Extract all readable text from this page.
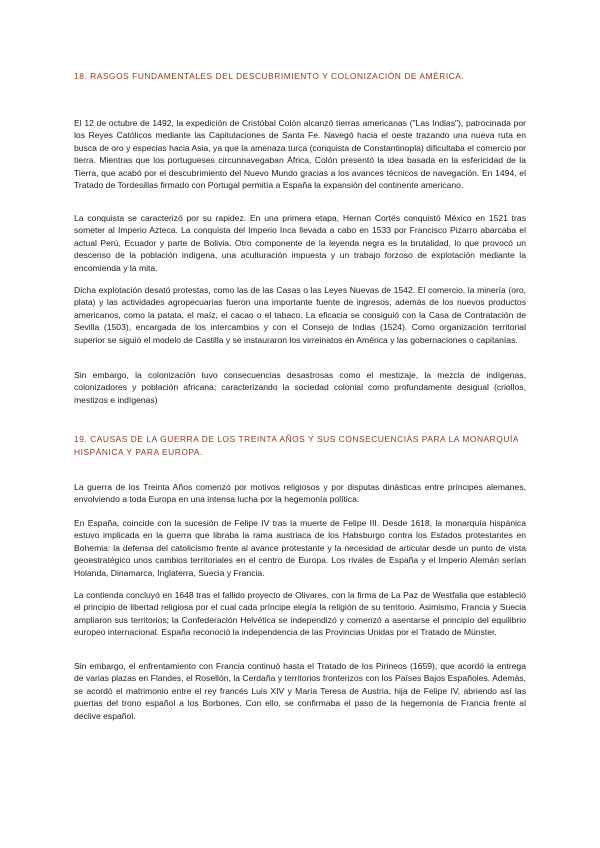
18. RASGOS FUNDAMENTALES DEL DESCUBRIMIENTO Y COLONIZACIÓN DE AMÉRICA.

El 12 de octubre de 1492, la expedición de Cristóbal Colón alcanzó tierras americanas ("Las Indias"), patrocinada por los Reyes Católicos mediante las Capitulaciones de Santa Fe. Navegó hacia el oeste trazando una nueva ruta en busca de oro y especias hacia Asia, ya que la amenaza turca (conquista de Constantinopla) dificultaba el comercio por tierra. Mientras que los portugueses circunnavegaban África, Colón presentó la idea basada en la esfericidad de la Tierra, que acabó por el descubrimiento del Nuevo Mundo gracias a los avances técnicos de navegación. En 1494, el Tratado de Tordesillas firmado con Portugal permitía a España la expansión del continente americano.

La conquista se caracterizó por su rapidez. En una primera etapa, Hernan Cortés conquistó México en 1521 tras someter al Imperio Azteca. La conquista del Imperio Inca llevada a cabo en 1533 por Francisco Pizarro abarcaba el actual Perú, Ecuador y parte de Bolivia. Otro componente de la leyenda negra es la brutalidad, lo que provocó un descenso de la población indígena, una aculturación impuesta y un trabajo forzoso de explotación mediante la encomienda y la mita.

Dicha explotación desató protestas, como las de las Casas o las Leyes Nuevas de 1542. El comercio, la minería (oro, plata) y las actividades agropecuarias fueron una importante fuente de ingresos, además de los nuevos productos americanos, como la patata, el maíz, el cacao o el tabaco. La eficacia se consiguió con la Casa de Contratación de Sevilla (1503), encargada de los intercambios y con el Consejo de Indias (1524). Como organización territorial superior se siguió el modelo de Castilla y se instauraron los virreinatos en América y las gobernaciones o capitanías.

Sin embargo, la colonización tuvo consecuencias desastrosas como el mestizaje, la mezcla de indígenas, colonizadores y población africana; caracterizando la sociedad colonial como profundamente desigual (criollos, mestizos e indígenas)

19. CAUSAS DE LA GUERRA DE LOS TREINTA AÑOS Y SUS CONSECUENCIAS PARA LA MONARQUÍA HISPÁNICA Y PARA EUROPA.

La guerra de los Treinta Años comenzó por motivos religiosos y por disputas dinásticas entre príncipes alemanes, envolviendo a toda Europa en una intensa lucha por la hegemonía política.

En España, coincide con la sucesión de Felipe IV tras la muerte de Felipe III. Desde 1618, la monarquía hispánica estuvo implicada en la guerra que libraba la rama austriaca de los Habsburgo contra los Estados protestantes en Bohemia: la defensa del catolicismo frente al avance protestante y la necesidad de articular desde un punto de vista geoestratégico unos cambios territoriales en el centro de Europa. Los rivales de España y el Imperio Alemán serían Holanda, Dinamarca, Inglaterra, Suecia y Francia.

La contienda concluyó en 1648 tras el fallido proyecto de Olivares, con la firma de La Paz de Westfalia que estableció el principio de libertad religiosa por el cual cada príncipe elegía la religión de su territorio. Asimismo, Francia y Suecia ampliaron sus territorios; la Confederación Helvética se independizó y comenzó a asentarse el principio del equilibrio europeo internacional. España reconoció la independencia de las Provincias Unidas por el Tratado de Münster.

Sin embargo, el enfrentamiento con Francia continuó hasta el Tratado de los Pirineos (1659), que acordó la entrega de varias plazas en Flandes, el Rosellón, la Cerdaña y territorios fronterizos con los Países Bajos Españoles. Además, se acordó el matrimonio entre el rey francés Luis XIV y María Teresa de Austria, hija de Felipe IV, abriendo así las puertas del trono español a los Borbones. Con ello, se confirmaba el paso de la hegemonía de Francia frente al declive español.
